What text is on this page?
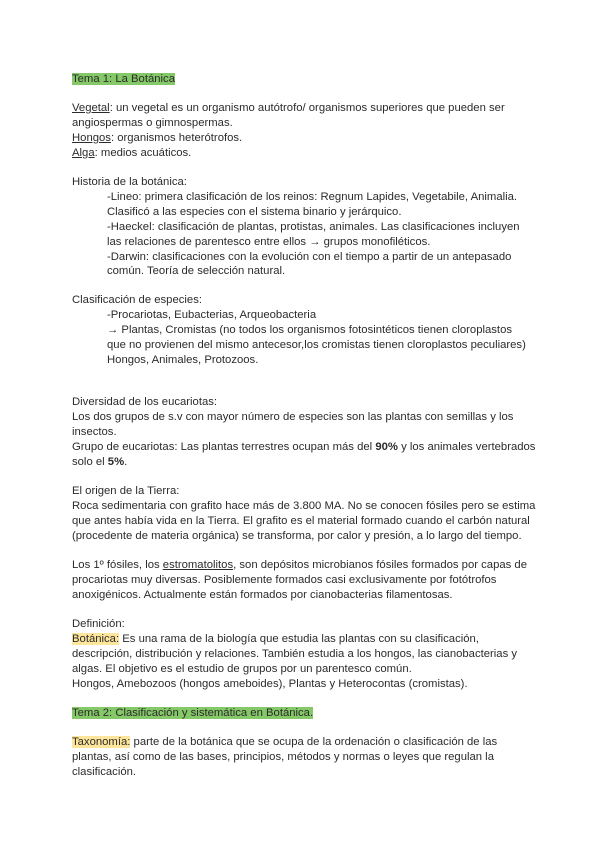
Tema 1: La Botánica
Vegetal: un vegetal es un organismo autótrofo/ organismos superiores que pueden ser
angiospermas o gimnospermas.
Hongos: organismos heterótrofos.
Alga: medios acuáticos.
Historia de la botánica:
-Lineo: primera clasificación de los reinos: Regnum Lapides, Vegetabile, Animalia.
Clasificó a las especies con el sistema binario y jerárquico.
-Haeckel: clasificación de plantas, protistas, animales. Las clasificaciones incluyen
las relaciones de parentesco entre ellos → grupos monofiléticos.
-Darwin: clasificaciones con la evolución con el tiempo a partir de un antepasado
común. Teoría de selección natural.
Clasificación de especies:
-Procariotas, Eubacterias, Arqueobacteria
→ Plantas, Cromistas (no todos los organismos fotosintéticos tienen cloroplastos
que no provienen del mismo antecesor,los cromistas tienen cloroplastos peculiares)
Hongos, Animales, Protozoos.
Diversidad de los eucariotas:
Los dos grupos de s.v con mayor número de especies son las plantas con semillas y los
insectos.
Grupo de eucariotas: Las plantas terrestres ocupan más del 90% y los animales vertebrados
solo el 5%.
El origen de la Tierra:
Roca sedimentaria con grafito hace más de 3.800 MA. No se conocen fósiles pero se estima
que antes había vida en la Tierra. El grafito es el material formado cuando el carbón natural
(procedente de materia orgánica) se transforma, por calor y presión, a lo largo del tiempo.
Los 1º fósiles, los estromatolitos, son depósitos microbianos fósiles formados por capas de
procariotas muy diversas. Posiblemente formados casi exclusivamente por fotótrofos
anoxigénicos. Actualmente están formados por cianobacterias filamentosas.
Definición:
Botánica: Es una rama de la biología que estudia las plantas con su clasificación,
descripción, distribución y relaciones. También estudia a los hongos, las cianobacterias y
algas. El objetivo es el estudio de grupos por un parentesco común.
Hongos, Amebozoos (hongos ameboides), Plantas y Heterocontas (cromistas).
Tema 2: Clasificación y sistemática en Botánica.
Taxonomía: parte de la botánica que se ocupa de la ordenación o clasificación de las
plantas, así como de las bases, principios, métodos y normas o leyes que regulan la
clasificación.
